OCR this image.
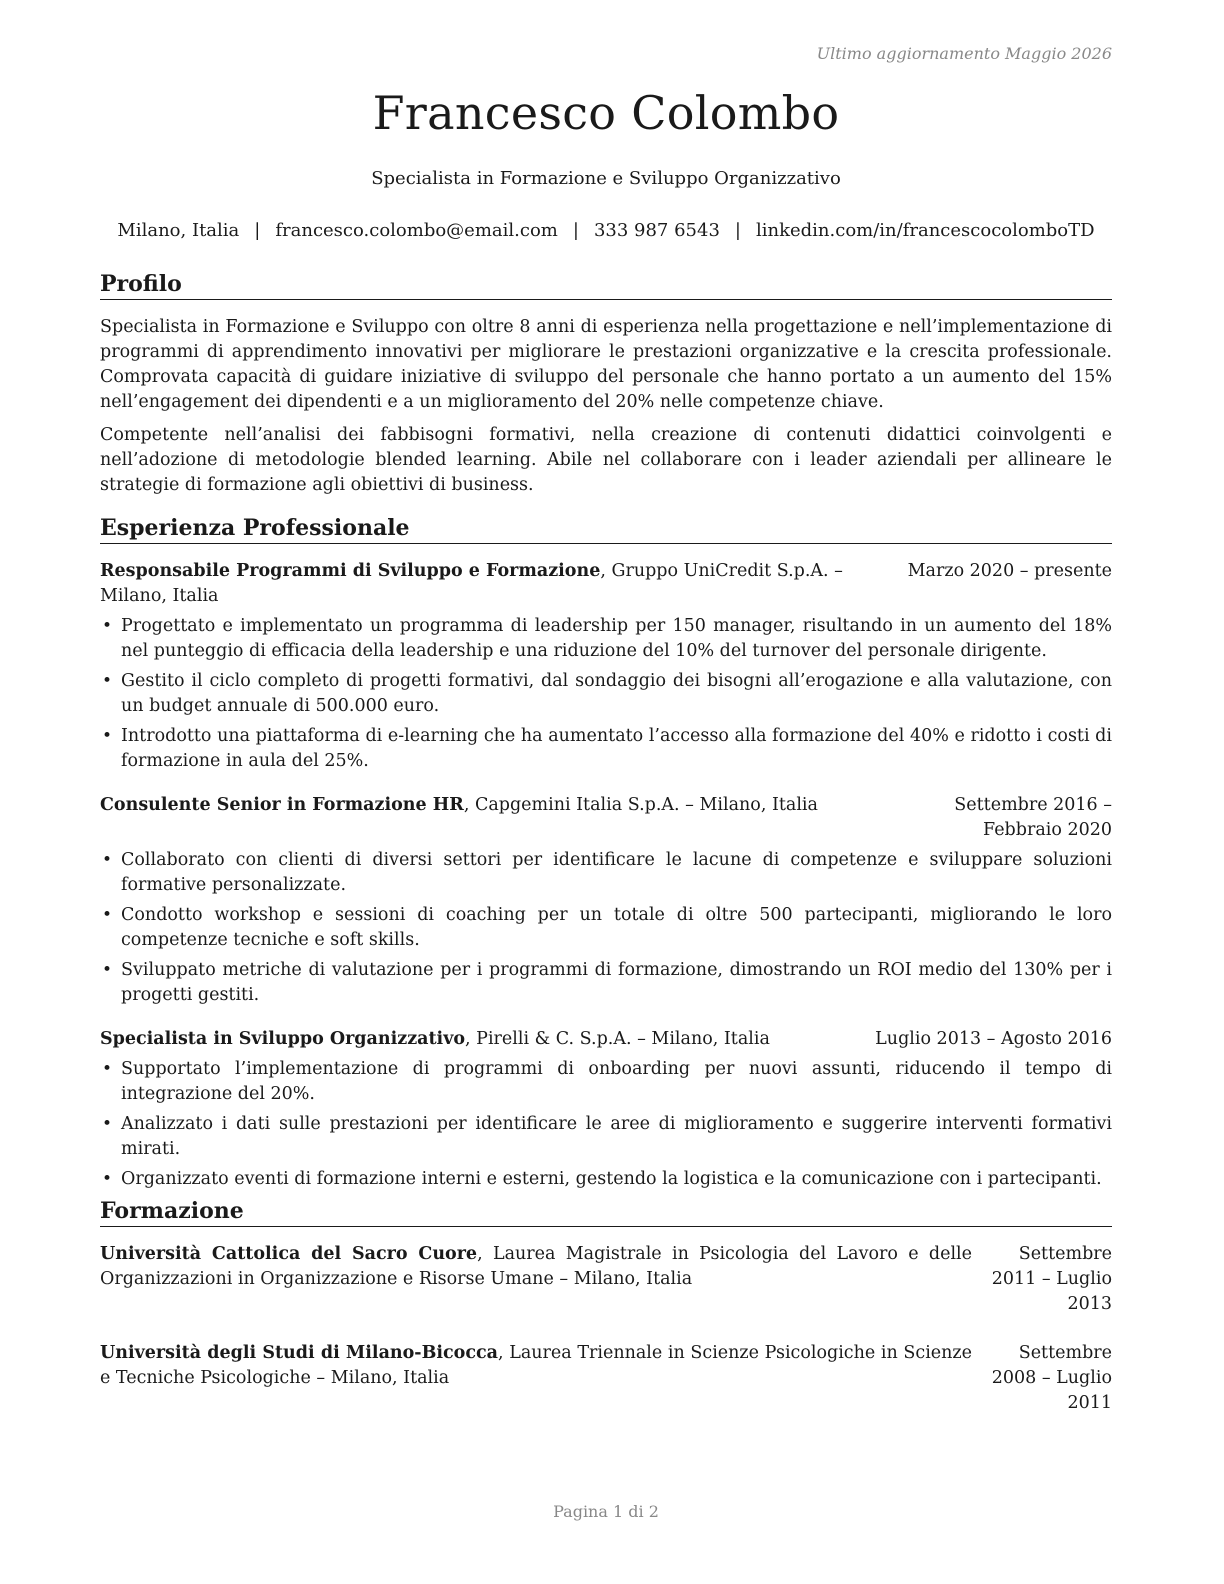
Ultimo aggiornamento Maggio 2026
Francesco Colombo
Specialista in Formazione e Sviluppo Organizzativo
Milano, Italia | francesco.colombo@email.com | 333 987 6543 | linkedin.com/in/francescocolomboTD
Profilo

Specialista in Formazione e Sviluppo con oltre 8 anni di esperienza nella progettazione e nell’implementazione di programmi di apprendimento innovativi per migliorare le prestazioni organizzative e la crescita professionale. Comprovata capacità di guidare iniziative di sviluppo del personale che hanno portato a un aumento del 15% nell’engagement dei dipendenti e a un miglioramento del 20% nelle competenze chiave.

Competente nell’analisi dei fabbisogni formativi, nella creazione di contenuti didattici coinvolgenti e nell’adozione di metodologie blended learning. Abile nel collaborare con i leader aziendali per allineare le strategie di formazione agli obiettivi di business.

Esperienza Professionale
Responsabile Programmi di Sviluppo e Formazione, Gruppo UniCredit S.p.A. – Milano, Italia
Marzo 2020 – presente
• Progettato e implementato un programma di leadership per 150 manager, risultando in un aumento del 18% nel punteggio di efficacia della leadership e una riduzione del 10% del turnover del personale dirigente.
• Gestito il ciclo completo di progetti formativi, dal sondaggio dei bisogni all’erogazione e alla valutazione, con un budget annuale di 500.000 euro.
• Introdotto una piattaforma di e-learning che ha aumentato l’accesso alla formazione del 40% e ridotto i costi di formazione in aula del 25%.
Consulente Senior in Formazione HR, Capgemini Italia S.p.A. – Milano, Italia	Settembre 2016 – Febbraio 2020
• Collaborato con clienti di diversi settori per identificare le lacune di competenze e sviluppare soluzioni formative personalizzate.
• Condotto workshop e sessioni di coaching per un totale di oltre 500 partecipanti, migliorando le loro competenze tecniche e soft skills.
• Sviluppato metriche di valutazione per i programmi di formazione, dimostrando un ROI medio del 130% per i progetti gestiti.
Specialista in Sviluppo Organizzativo, Pirelli & C. S.p.A. – Milano, Italia	Luglio 2013 – Agosto 2016
• Supportato l’implementazione di programmi di onboarding per nuovi assunti, riducendo il tempo di integrazione del 20%.
• Analizzato i dati sulle prestazioni per identificare le aree di miglioramento e suggerire interventi formativi mirati.
• Organizzato eventi di formazione interni e esterni, gestendo la logistica e la comunicazione con i partecipanti.
Formazione
Università Cattolica del Sacro Cuore, Laurea Magistrale in Psicologia del Lavoro e delle Organizzazioni in Organizzazione e Risorse Umane – Milano, Italia
Settembre 2011 – Luglio 2013
Università degli Studi di Milano-Bicocca, Laurea Triennale in Scienze Psicologiche in Scienze e Tecniche Psicologiche – Milano, Italia
Settembre 2008 – Luglio 2011
Pagina 1 di 2
